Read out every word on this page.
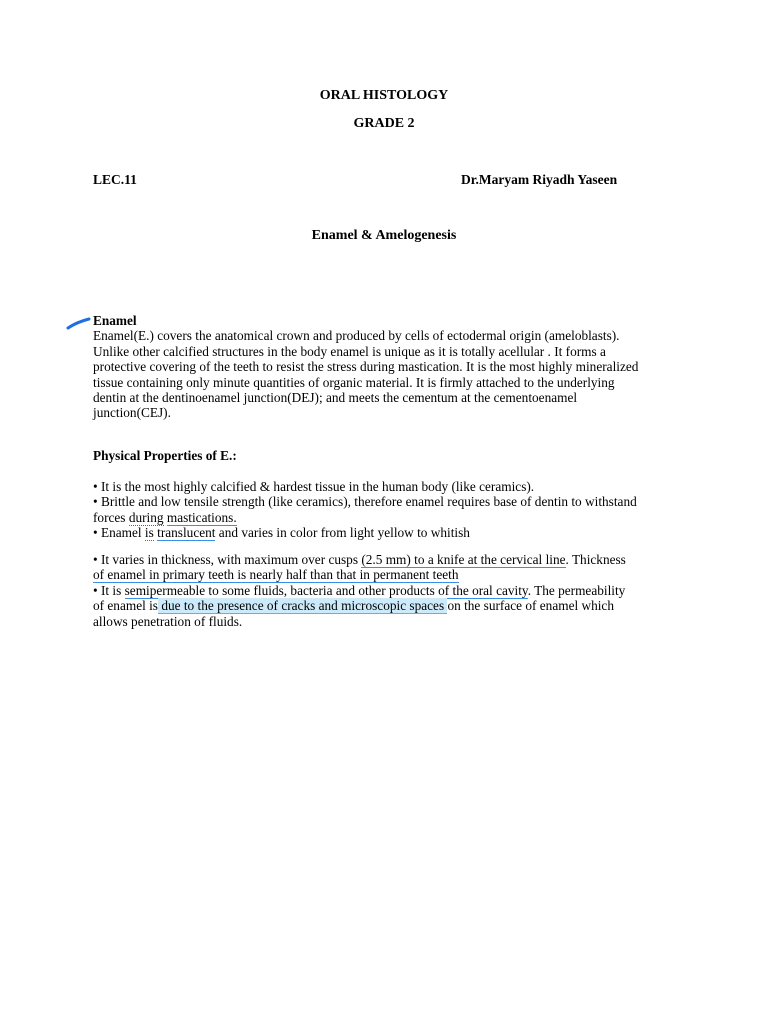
ORAL HISTOLOGY
GRADE 2
LEC.11	Dr.Maryam Riyadh Yaseen
Enamel & Amelogenesis

Enamel

Enamel(E.) covers the anatomical crown and produced by cells of ectodermal origin (ameloblasts).

Unlike other calcified structures in the body enamel is unique as it is totally acellular . It forms a

protective covering of the teeth to resist the stress during mastication. It is the most highly mineralized

tissue containing only minute quantities of organic material. It is firmly attached to the underlying

dentin at the dentinoenamel junction(DEJ); and meets the cementum at the cementoenamel

junction(CEJ).

Physical Properties of E.:

• It is the most highly calcified & hardest tissue in the human body (like ceramics).

• Brittle and low tensile strength (like ceramics), therefore enamel requires base of dentin to withstand

forces during mastications.

• Enamel is translucent and varies in color from light yellow to whitish

• It varies in thickness, with maximum over cusps (2.5 mm) to a knife at the cervical line. Thickness

of enamel in primary teeth is nearly half than that in permanent teeth

• It is semipermeable to some fluids, bacteria and other products of the oral cavity. The permeability

of enamel is due to the presence of cracks and microscopic spaces on the surface of enamel which

allows penetration of fluids.
